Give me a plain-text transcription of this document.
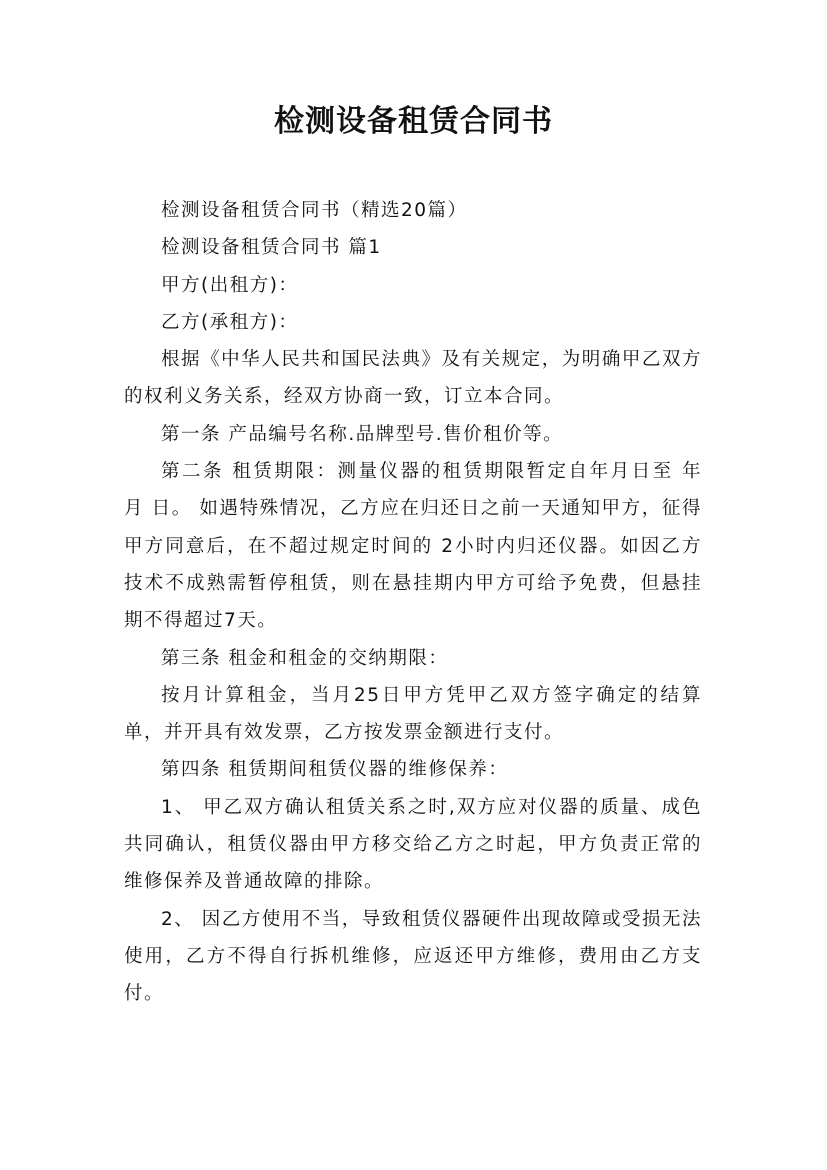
检测设备租赁合同书

检测设备租赁合同书（精选20篇）

检测设备租赁合同书 篇1

甲方(出租方)：

乙方(承租方)：

根据《中华人民共和国民法典》及有关规定，为明确甲乙双方的权利义务关系，经双方协商一致，订立本合同。

第一条 产品编号名称.品牌型号.售价租价等。

第二条 租赁期限：测量仪器的租赁期限暂定自年月日至 年 月 日。 如遇特殊情况，乙方应在归还日之前一天通知甲方，征得甲方同意后，在不超过规定时间的 2小时内归还仪器。如因乙方技术不成熟需暂停租赁，则在悬挂期内甲方可给予免费，但悬挂期不得超过7天。

第三条 租金和租金的交纳期限：

按月计算租金，当月25日甲方凭甲乙双方签字确定的结算单，并开具有效发票，乙方按发票金额进行支付。

第四条 租赁期间租赁仪器的维修保养：

1、 甲乙双方确认租赁关系之时,双方应对仪器的质量、成色共同确认，租赁仪器由甲方移交给乙方之时起，甲方负责正常的维修保养及普通故障的排除。

2、 因乙方使用不当，导致租赁仪器硬件出现故障或受损无法使用，乙方不得自行拆机维修，应返还甲方维修，费用由乙方支付。
